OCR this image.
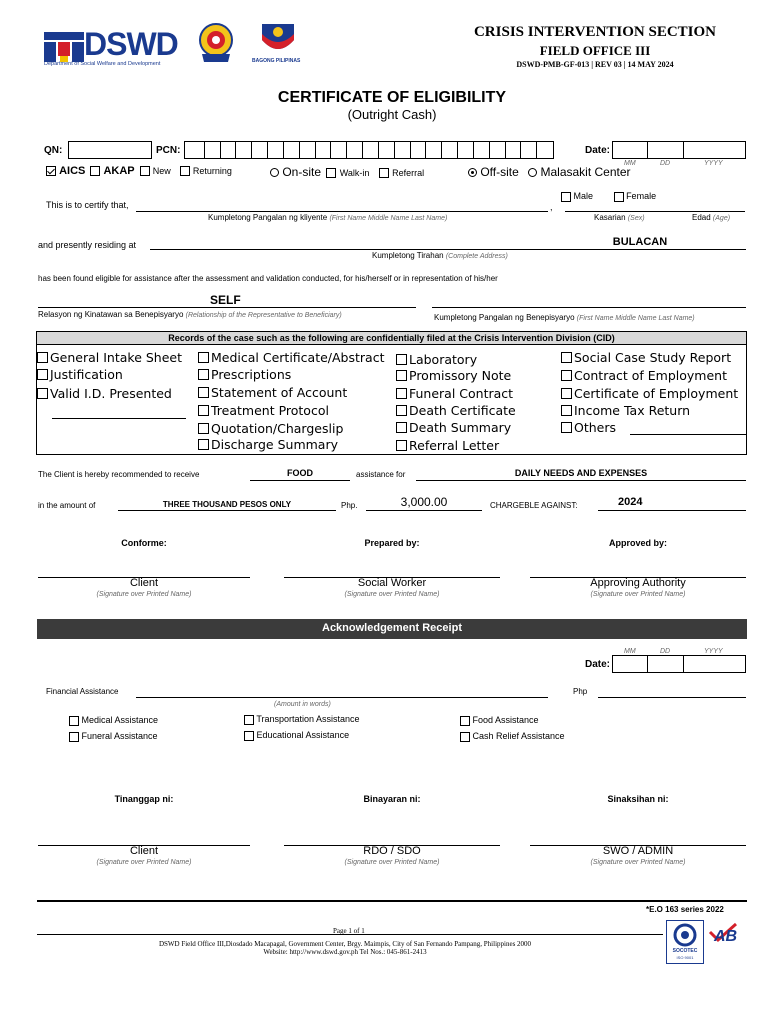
DSWD
Department of Social Welfare and Development	BAGONG PILIPINAS
CRISIS INTERVENTION SECTION
FIELD OFFICE III
DSWD-PMB-GF-013 | REV 03 | 14 MAY 2024
CERTIFICATE OF ELIGIBILITY
(Outright Cash)
QN:	PCN:	Date:
MM	DD	YYYY
AICS AKAP New Returning	On-site Walk-in	Referral	Off-site Malasakit Center
Male	Female
This is to certify that,	,
Kumpletong Pangalan ng kliyente (First Name Middle Name Last Name)	Kasarian (Sex)	Edad (Age)
and presently residing at	BULACAN
Kumpletong Tirahan (Complete Address)
has been found eligible for assistance after the assessment and validation conducted, for his/herself or in representation of his/her
SELF
Relasyon ng Kinatawan sa Benepisyaryo (Relationship of the Representative to Beneficiary)	Kumpletong Pangalan ng Benepisyaryo (First Name Middle Name Last Name)
Records of the case such as the following are confidentially filed at the Crisis Intervention Division (CID)
General Intake Sheet
Justification
Valid I.D. Presented
Medical Certificate/Abstract
Prescriptions
Statement of Account
Treatment Protocol
Quotation/Chargeslip
Discharge Summary
Laboratory
Promissory Note
Funeral Contract
Death Certificate
Death Summary
Referral Letter
Social Case Study Report
Contract of Employment
Certificate of Employment
Income Tax Return
Others
The Client is hereby recommended to receive	FOOD	assistance for	DAILY NEEDS AND EXPENSES
in the amount of	THREE THOUSAND PESOS ONLY	Php.	3,000.00	CHARGEBLE AGAINST:	2024
Conforme:	Prepared by:	Approved by:
Client	Social Worker	Approving Authority
(Signature over Printed Name)	(Signature over Printed Name)	(Signature over Printed Name)
Acknowledgement Receipt
Date:
MM	DD	YYYY
Financial Assistance	Php
(Amount in words)
Medical Assistance
Funeral Assistance
Transportation Assistance
Educational Assistance
Food Assistance
Cash Relief Assistance
Tinanggap ni:	Binayaran ni:	Sinaksihan ni:
Client	RDO / SDO	SWO / ADMIN
(Signature over Printed Name)	(Signature over Printed Name)	(Signature over Printed Name)
*E.O 163 series 2022
Page 1 of 1
DSWD Field Office III,Diosdado Macapagal, Government Center, Brgy. Maimpis, City of San Fernando Pampang, Philippines 2000
Website: http://www.dswd.gov.ph Tel Nos.: 045-861-2413	SOCOTEC
ISO 9001
AB
